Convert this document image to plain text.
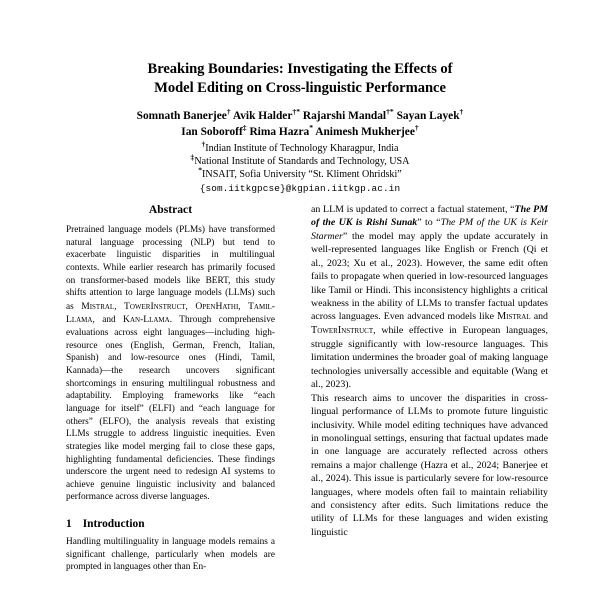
Breaking Boundaries: Investigating the Effects of
Model Editing on Cross-linguistic Performance
Somnath Banerjee† Avik Halder†* Rajarshi Mandal†* Sayan Layek†
Ian Soboroff‡ Rima Hazra* Animesh Mukherjee†
†Indian Institute of Technology Kharagpur, India
‡National Institute of Standards and Technology, USA
*INSAIT, Sofia University “St. Kliment Ohridski”
{som.iitkgpcse}@kgpian.iitkgp.ac.in
Abstract

Pretrained language models (PLMs) have transformed natural language processing (NLP) but tend to exacerbate linguistic disparities in multilingual contexts. While earlier research has primarily focused on transformer-based models like BERT, this study shifts attention to large language models (LLMs) such as Mistral, TowerInstruct, OpenHathi, Tamil-Llama, and Kan-Llama. Through comprehensive evaluations across eight languages—including high-resource ones (English, German, French, Italian, Spanish) and low-resource ones (Hindi, Tamil, Kannada)—the research uncovers significant shortcomings in ensuring multilingual robustness and adaptability. Employing frameworks like “each language for itself” (ELFI) and “each language for others” (ELFO), the analysis reveals that existing LLMs struggle to address linguistic inequities. Even strategies like model merging fail to close these gaps, highlighting fundamental deficiencies. These findings underscore the urgent need to redesign AI systems to achieve genuine linguistic inclusivity and balanced performance across diverse languages.

1 Introduction

Handling multilinguality in language models remains a significant challenge, particularly when models are prompted in languages other than En-

an LLM is updated to correct a factual statement, “The PM of the UK is Rishi Sunak” to “The PM of the UK is Keir Starmer” the model may apply the update accurately in well-represented languages like English or French (Qi et al., 2023; Xu et al., 2023). However, the same edit often fails to propagate when queried in low-resourced languages like Tamil or Hindi. This inconsistency highlights a critical weakness in the ability of LLMs to transfer factual updates across languages. Even advanced models like Mistral and TowerInstruct, while effective in European languages, struggle significantly with low-resource languages. This limitation undermines the broader goal of making language technologies universally accessible and equitable (Wang et al., 2023).

This research aims to uncover the disparities in cross-lingual performance of LLMs to promote future linguistic inclusivity. While model editing techniques have advanced in monolingual settings, ensuring that factual updates made in one language are accurately reflected across others remains a major challenge (Hazra et al., 2024; Banerjee et al., 2024). This issue is particularly severe for low-resource languages, where models often fail to maintain reliability and consistency after edits. Such limitations reduce the utility of LLMs for these languages and widen existing linguistic
